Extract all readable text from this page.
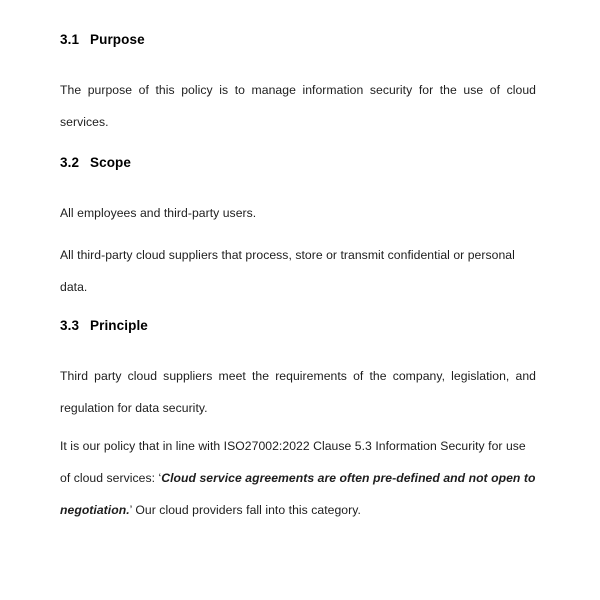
3.1 Purpose
The purpose of this policy is to manage information security for the use of cloud services.
3.2 Scope
All employees and third-party users.
All third-party cloud suppliers that process, store or transmit confidential or personal data.
3.3 Principle
Third party cloud suppliers meet the requirements of the company, legislation, and regulation for data security.
It is our policy that in line with ISO27002:2022 Clause 5.3 Information Security for use of cloud services: ‘Cloud service agreements are often pre-defined and not open to negotiation.’ Our cloud providers fall into this category.
